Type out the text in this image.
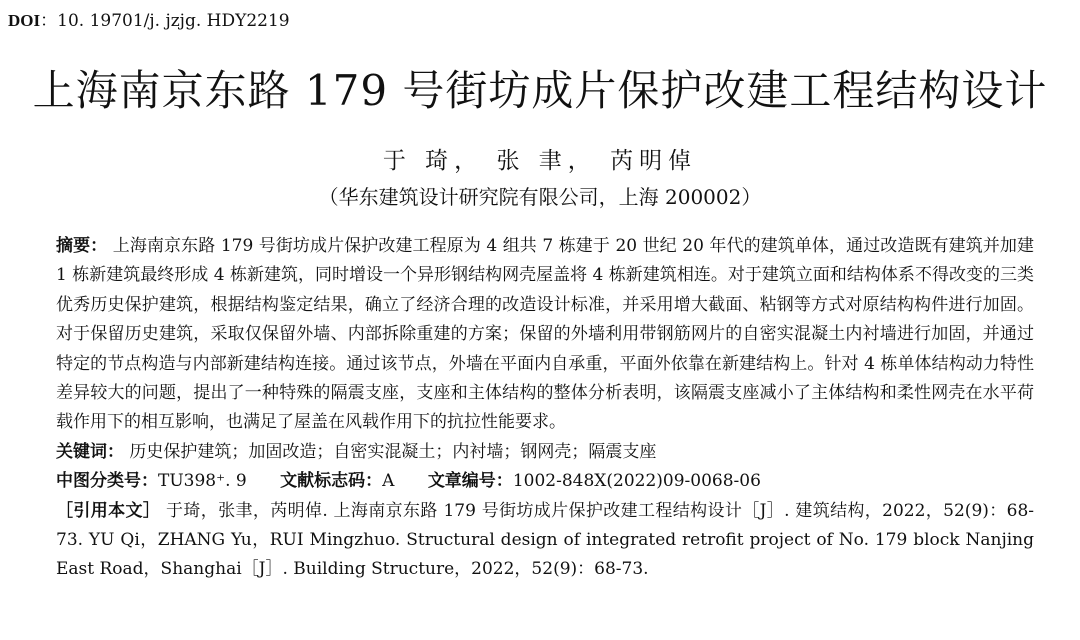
DOI：10. 19701/j. jzjg. HDY2219
上海南京东路 179 号街坊成片保护改建工程结构设计
于 琦， 张 聿， 芮明倬
（华东建筑设计研究院有限公司，上海 200002）
摘要： 上海南京东路 179 号街坊成片保护改建工程原为 4 组共 7 栋建于 20 世纪 20 年代的建筑单体，通过改造既有建筑并加建 1 栋新建筑最终形成 4 栋新建筑，同时增设一个异形钢结构网壳屋盖将 4 栋新建筑相连。对于建筑立面和结构体系不得改变的三类优秀历史保护建筑，根据结构鉴定结果，确立了经济合理的改造设计标准，并采用增大截面、粘钢等方式对原结构构件进行加固。对于保留历史建筑，采取仅保留外墙、内部拆除重建的方案；保留的外墙利用带钢筋网片的自密实混凝土内衬墙进行加固，并通过特定的节点构造与内部新建结构连接。通过该节点，外墙在平面内自承重，平面外依靠在新建结构上。针对 4 栋单体结构动力特性差异较大的问题，提出了一种特殊的隔震支座，支座和主体结构的整体分析表明，该隔震支座减小了主体结构和柔性网壳在水平荷载作用下的相互影响，也满足了屋盖在风载作用下的抗拉性能要求。
关键词： 历史保护建筑；加固改造；自密实混凝土；内衬墙；钢网壳；隔震支座
中图分类号：TU398⁺. 9 文献标志码：A 文章编号：1002-848X(2022)09-0068-06
［引用本文］ 于琦，张聿，芮明倬. 上海南京东路 179 号街坊成片保护改建工程结构设计［J］. 建筑结构，2022，52(9)：68-73. YU Qi，ZHANG Yu，RUI Mingzhuo. Structural design of integrated retrofit project of No. 179 block Nanjing East Road，Shanghai［J］. Building Structure，2022，52(9)：68-73.
